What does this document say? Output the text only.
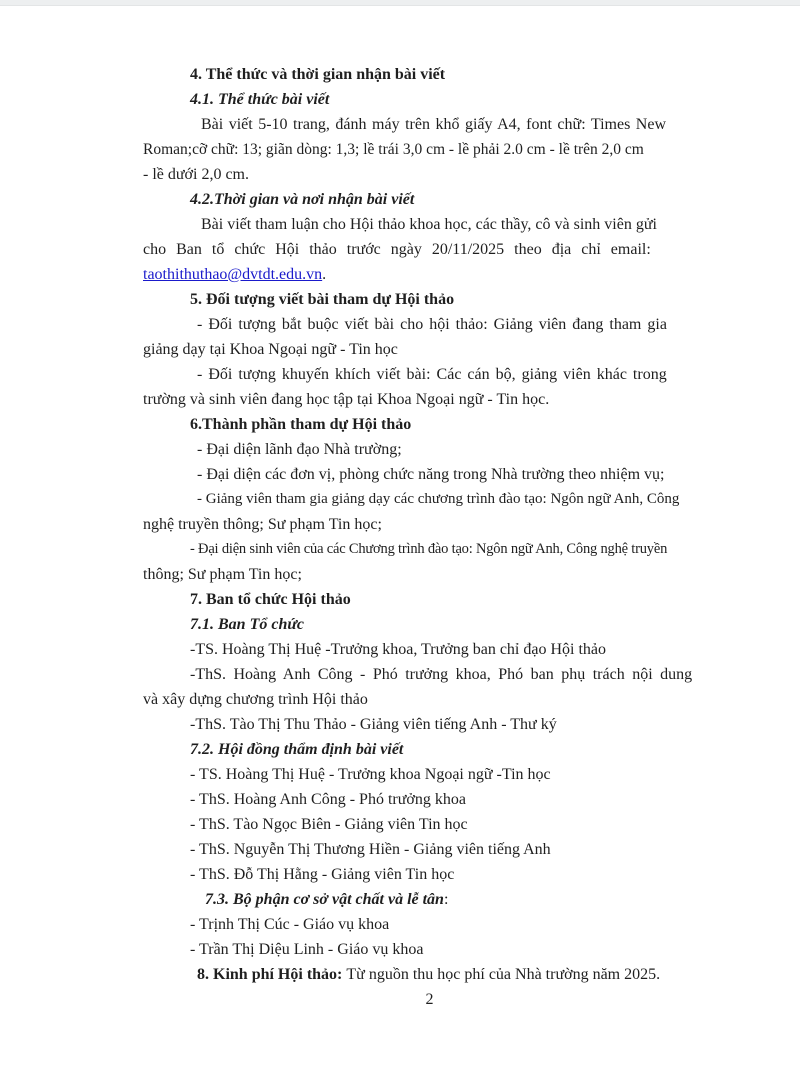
4. Thể thức và thời gian nhận bài viết
4.1. Thể thức bài viết
Bài viết 5-10 trang, đánh máy trên khổ giấy A4, font chữ: Times New
Roman;cỡ chữ: 13; giãn dòng: 1,3; lề trái 3,0 cm - lề phải 2.0 cm - lề trên 2,0 cm
- lề dưới 2,0 cm.
4.2.Thời gian và nơi nhận bài viết
Bài viết tham luận cho Hội thảo khoa học, các thầy, cô và sinh viên gửi
cho Ban tổ chức Hội thảo trước ngày 20/11/2025 theo địa chỉ email:
taothithuthao@dvtdt.edu.vn.
5. Đối tượng viết bài tham dự Hội thảo
- Đối tượng bắt buộc viết bài cho hội thảo: Giảng viên đang tham gia
giảng dạy tại Khoa Ngoại ngữ - Tin học
- Đối tượng khuyến khích viết bài: Các cán bộ, giảng viên khác trong
trường và sinh viên đang học tập tại Khoa Ngoại ngữ - Tin học.
6.Thành phần tham dự Hội thảo
- Đại diện lãnh đạo Nhà trường;
- Đại diện các đơn vị, phòng chức năng trong Nhà trường theo nhiệm vụ;
- Giảng viên tham gia giảng dạy các chương trình đào tạo: Ngôn ngữ Anh, Công
nghệ truyền thông; Sư phạm Tin học;
- Đại diện sinh viên của các Chương trình đào tạo: Ngôn ngữ Anh, Công nghệ truyền
thông; Sư phạm Tin học;
7. Ban tổ chức Hội thảo
7.1. Ban Tổ chức
-TS. Hoàng Thị Huệ -Trưởng khoa, Trưởng ban chỉ đạo Hội thảo
-ThS. Hoàng Anh Công - Phó trưởng khoa, Phó ban phụ trách nội dung
và xây dựng chương trình Hội thảo
-ThS. Tào Thị Thu Thảo - Giảng viên tiếng Anh - Thư ký
7.2. Hội đồng thẩm định bài viết
- TS. Hoàng Thị Huệ - Trưởng khoa Ngoại ngữ -Tin học
- ThS. Hoàng Anh Công - Phó trưởng khoa
- ThS. Tào Ngọc Biên - Giảng viên Tin học
- ThS. Nguyễn Thị Thương Hiền - Giảng viên tiếng Anh
- ThS. Đỗ Thị Hằng - Giảng viên Tin học
7.3. Bộ phận cơ sở vật chất và lễ tân:
- Trịnh Thị Cúc - Giáo vụ khoa
- Trần Thị Diệu Linh - Giáo vụ khoa
8. Kinh phí Hội thảo: Từ nguồn thu học phí của Nhà trường năm 2025.
2
